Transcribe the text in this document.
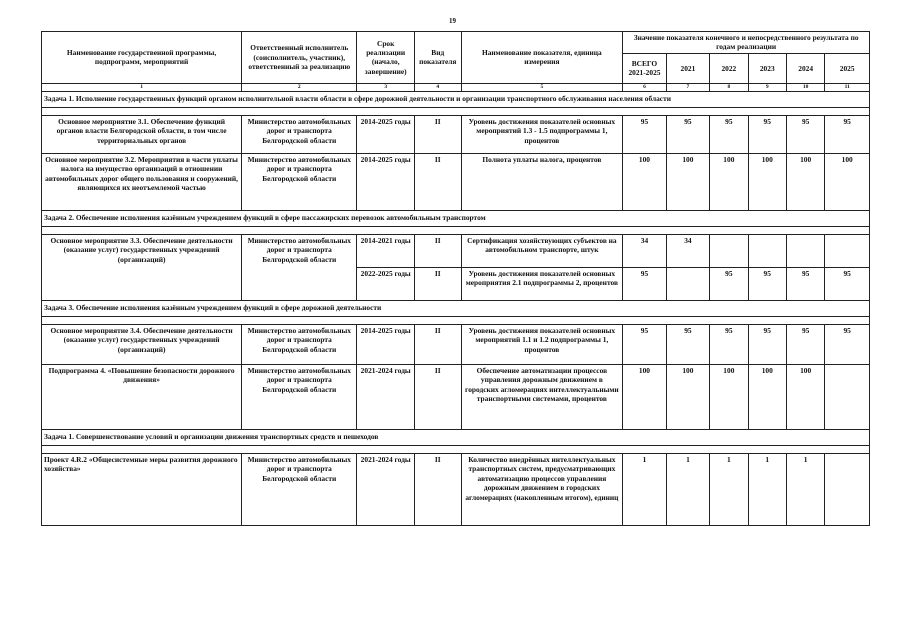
19
Наименование государственной программы, подпрограмм, мероприятий	Ответственный исполнитель (соисполнитель, участник), ответственный за реализацию	Срок реализации (начало, завершение)	Вид показателя	Наименование показателя, единица измерения	Значение показателя конечного и непосредственного результата по годам реализации					
					ВСЕГО 2021-2025	2021	2022	2023	2024	2025
1	2	3	4	5	6	7	8	9	10	11
Задача 1. Исполнение государственных функций органом исполнительной власти области в сфере дорожной деятельности и организации транспортного обслуживания населения области										

Основное мероприятие 3.1. Обеспечение функций органов власти Белгородской области, в том числе территориальных органов	Министерство автомобильных дорог и транспорта Белгородской области	2014-2025 годы	II	Уровень достижения показателей основных мероприятий 1.3 - 1.5 подпрограммы 1, процентов	95	95	95	95	95	95
Основное мероприятие 3.2. Мероприятия в части уплаты налога на имущество организаций в отношении автомобильных дорог общего пользования и сооружений, являющихся их неотъемлемой частью	Министерство автомобильных дорог и транспорта Белгородской области	2014-2025 годы	II	Полнота уплаты налога, процентов	100	100	100	100	100	100
Задача 2. Обеспечение исполнения казённым учреждением функций в сфере пассажирских перевозок автомобильным транспортом										

Основное мероприятие 3.3. Обеспечение деятельности (оказание услуг) государственных учреждений (организаций)	Министерство автомобильных дорог и транспорта Белгородской области	2014-2021 годы	II	Сертификация хозяйствующих субъектов на автомобильном транспорте, штук	34	34				
		2022-2025 годы	II	Уровень достижения показателей основных мероприятия 2.1 подпрограммы 2, процентов	95		95	95	95	95
Задача 3. Обеспечение исполнения казённым учреждением функций в сфере дорожной деятельности										

Основное мероприятие 3.4. Обеспечение деятельности (оказание услуг) государственных учреждений (организаций)	Министерство автомобильных дорог и транспорта Белгородской области	2014-2025 годы	II	Уровень достижения показателей основных мероприятий 1.1 и 1.2 подпрограммы 1, процентов	95	95	95	95	95	95
Подпрограмма 4. «Повышение безопасности дорожного движения»	Министерство автомобильных дорог и транспорта Белгородской области	2021-2024 годы	II	Обеспечение автоматизации процессов управления дорожным движением в городских агломерациях интеллектуальными транспортными системами, процентов	100	100	100	100	100	
Задача 1. Совершенствование условий и организации движения транспортных средств и пешеходов										

Проект 4.R.2 «Общесистемные меры развития дорожного хозяйства»	Министерство автомобильных дорог и транспорта Белгородской области	2021-2024 годы	II	Количество внедрённых интеллектуальных транспортных систем, предусматривающих автоматизацию процессов управления дорожным движением в городских агломерациях (накопленным итогом), единиц	1	1	1	1	1	
